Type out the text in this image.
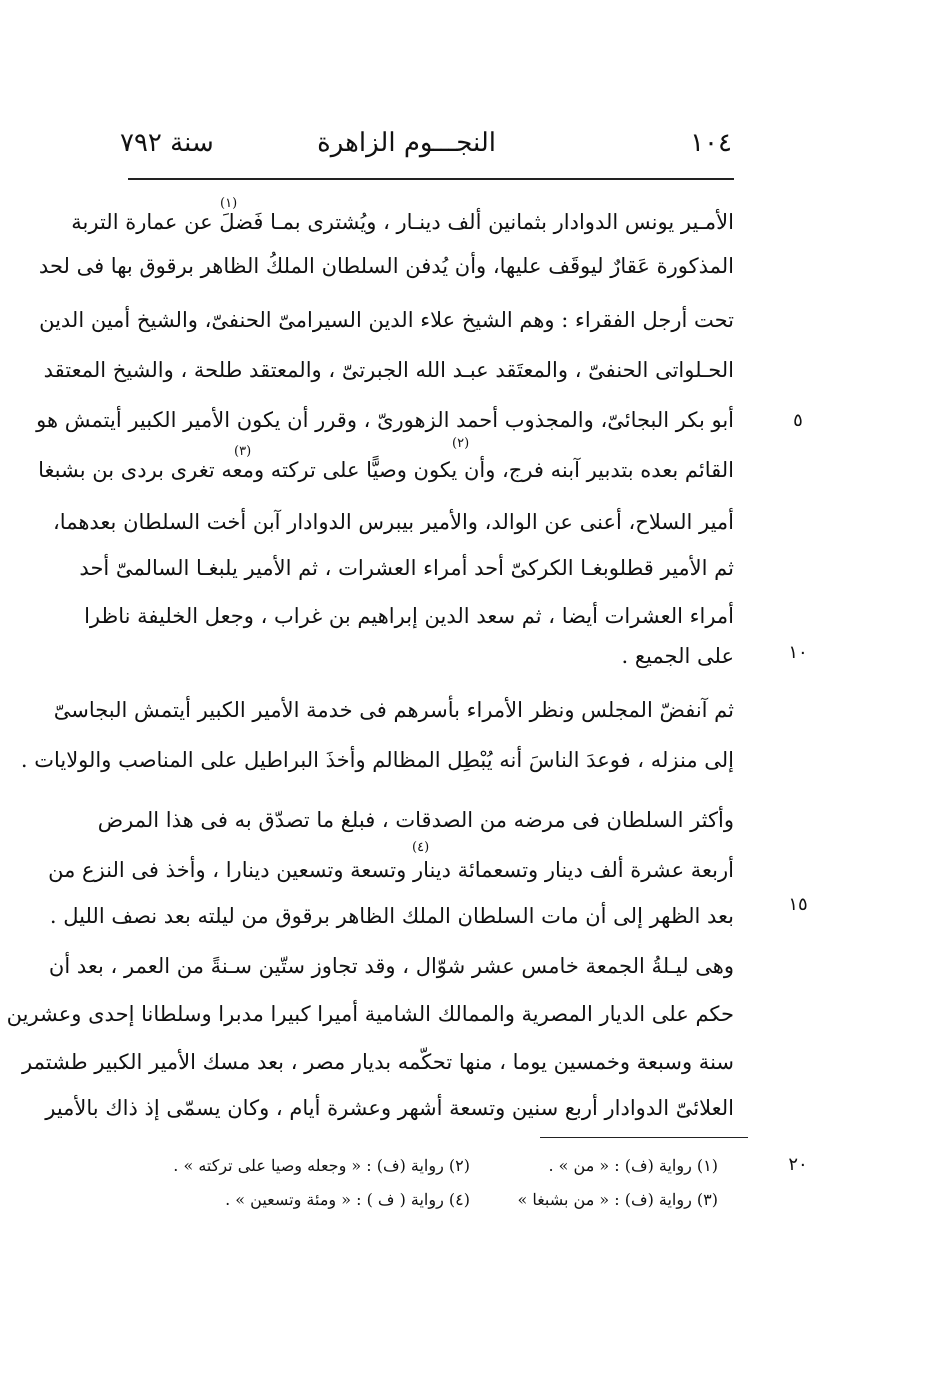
١٠٤
النجـــوم الزاهرة
سنة ٧٩٢
الأمـير يونس الدوادار بثمانين ألف دينـار ، ويُشترى بمـا فَضلَ عن عمارة التربة
المذكورة عَقارٌ ليوقَف عليها، وأن يُدفن السلطان الملكُ الظاهر برقوق بها فى لحد
تحت أرجل الفقراء : وهم الشيخ علاء الدين السيرامىّ الحنفىّ، والشيخ أمين الدين
الحـلواتى الحنفىّ ، والمعتَقد عبـد الله الجبرتىّ ، والمعتقد طلحة ، والشيخ المعتقد
أبو بكر البجائىّ، والمجذوب أحمد الزهورىّ ، وقرر أن يكون الأمير الكبير أيتمش هو
القائم بعده بتدبير آبنه فرج، وأن يكون وصيًّا على تركته ومعه تغرى بردى بن بشبغا
أمير السلاح، أعنى عن الوالد، والأمير بيبرس الدوادار آبن أخت السلطان بعدهما،
ثم الأمير قطلوبغـا الكركىّ أحد أمراء العشرات ، ثم الأمير يلبغـا السالمىّ أحد
أمراء العشرات أيضا ، ثم سعد الدين إبراهيم بن غراب ، وجعل الخليفة ناظرا
على الجميع .
ثم آنفضّ المجلس ونظر الأمراء بأسرهم فى خدمة الأمير الكبير أيتمش البجاسىّ
إلى منزله ، فوعدَ الناسَ أنه يُبْطِل المظالم وأخذَ البراطيل على المناصب والولايات .
وأكثر السلطان فى مرضه من الصدقات ، فبلغ ما تصدّق به فى هذا المرض
أربعة عشرة ألف دينار وتسعمائة دينار وتسعة وتسعين دينارا ، وأخذ فى النزع من
بعد الظهر إلى أن مات السلطان الملك الظاهر برقوق من ليلته بعد نصف الليل .
وهى ليـلةُ الجمعة خامس عشر شوّال ، وقد تجاوز ستّين سـنةً من العمر ، بعد أن
حكم على الديار المصرية والممالك الشامية أميرا كبيرا مدبرا وسلطانا إحدى وعشرين
سنة وسبعة وخمسين يوما ، منها تحكّمه بديار مصر ، بعد مسك الأمير الكبير طشتمر
العلائىّ الدوادار أربع سنين وتسعة أشهر وعشرة أيام ، وكان يسمّى إذ ذاك بالأمير
(١)
(٢)
(٣)
(٤)
٥
١٠
١٥
٢٠
(١) رواية (ف) : « من » .
(٢) رواية (ف) : « وجعله وصيا على تركته » .
(٣) رواية (ف) : « من بشبغا »
(٤) رواية ( ف ) : « ومئة وتسعين » .
